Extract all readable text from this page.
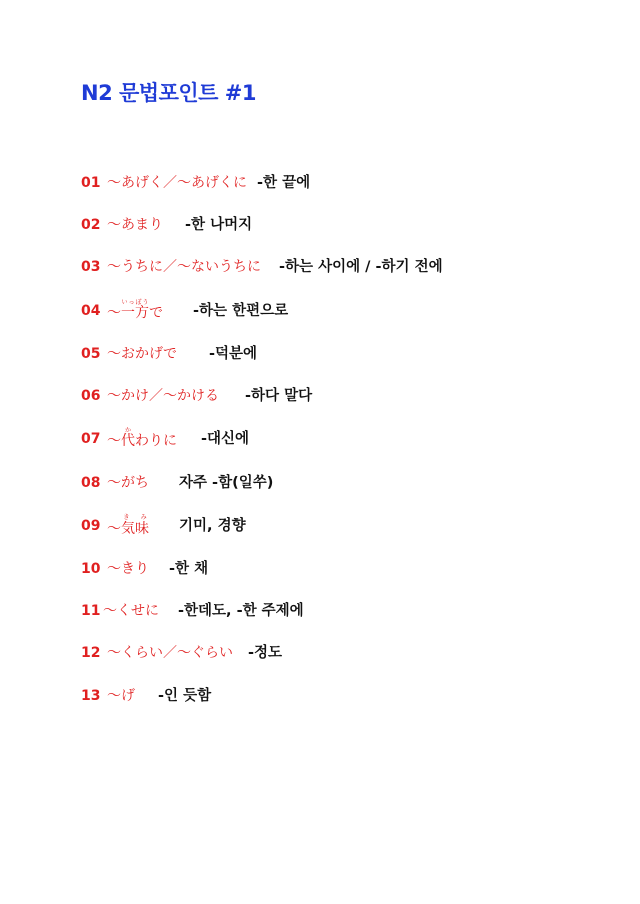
N2 문법포인트 #1
01 ～あげく／～あげくに -한 끝에
02 ～あまり -한 나머지
03 ～うちに／～ないうちに -하는 사이에 / -하기 전에
04 ～一方いっぽうで -하는 한편으로
05 ～おかげで -덕분에
06 ～かけ／～かける -하다 말다
07 ～代かわりに -대신에
08 ～がち 자주 -함(일쑤)
09 ～気味き み
기미, 경향
10 ～きり -한 채
11 ～くせに -한데도, -한 주제에
12 ～くらい／～ぐらい -정도
13 ～げ -인 듯함
